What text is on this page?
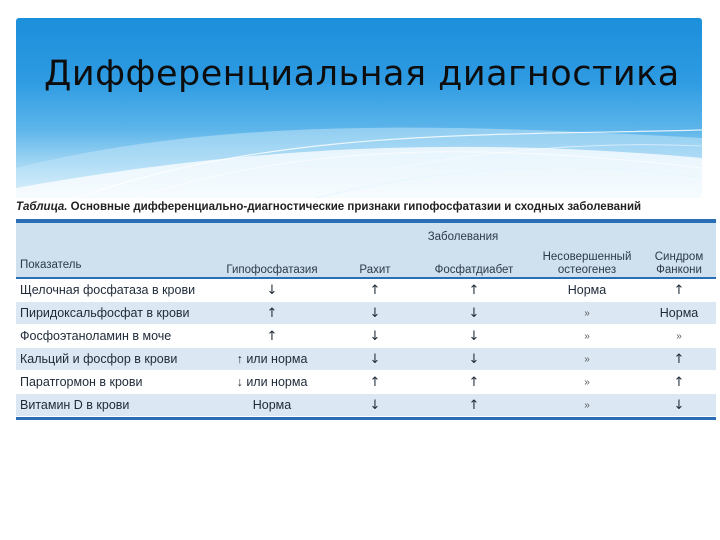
Дифференциальная диагностика
Таблица. Основные дифференциально-диагностические признаки гипофосфатазии и сходных заболеваний
Показатель	Заболевания				
	Гипофосфатазия	Рахит	Фосфатдиабет	Несовершенный остеогенез	Синдром Фанкони

Щелочная фосфатаза в крови	↓	↑	↑	Норма	↑
Пиридоксальфосфат в крови	↑	↓	↓	»	Норма
Фосфоэтаноламин в моче	↑	↓	↓	»	»
Кальций и фосфор в крови	↑ или норма	↓	↓	»	↑
Паратгормон в крови	↓ или норма	↑	↑	»	↑
Витамин D в крови	Норма	↓	↑	»	↓
